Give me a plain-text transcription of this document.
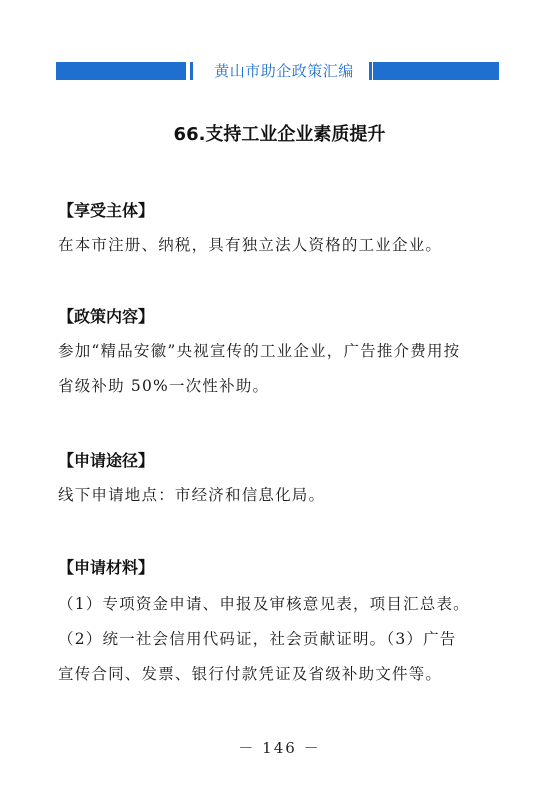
黄山市助企政策汇编
66.支持工业企业素质提升
【享受主体】

在本市注册、纳税，具有独立法人资格的工业企业。

【政策内容】

参加“精品安徽”央视宣传的工业企业，广告推介费用按

省级补助 50%一次性补助。

【申请途径】

线下申请地点：市经济和信息化局。

【申请材料】

（1）专项资金申请、申报及审核意见表，项目汇总表。

（2）统一社会信用代码证，社会贡献证明。（3）广告

宣传合同、发票、银行付款凭证及省级补助文件等。

－ 146 －
